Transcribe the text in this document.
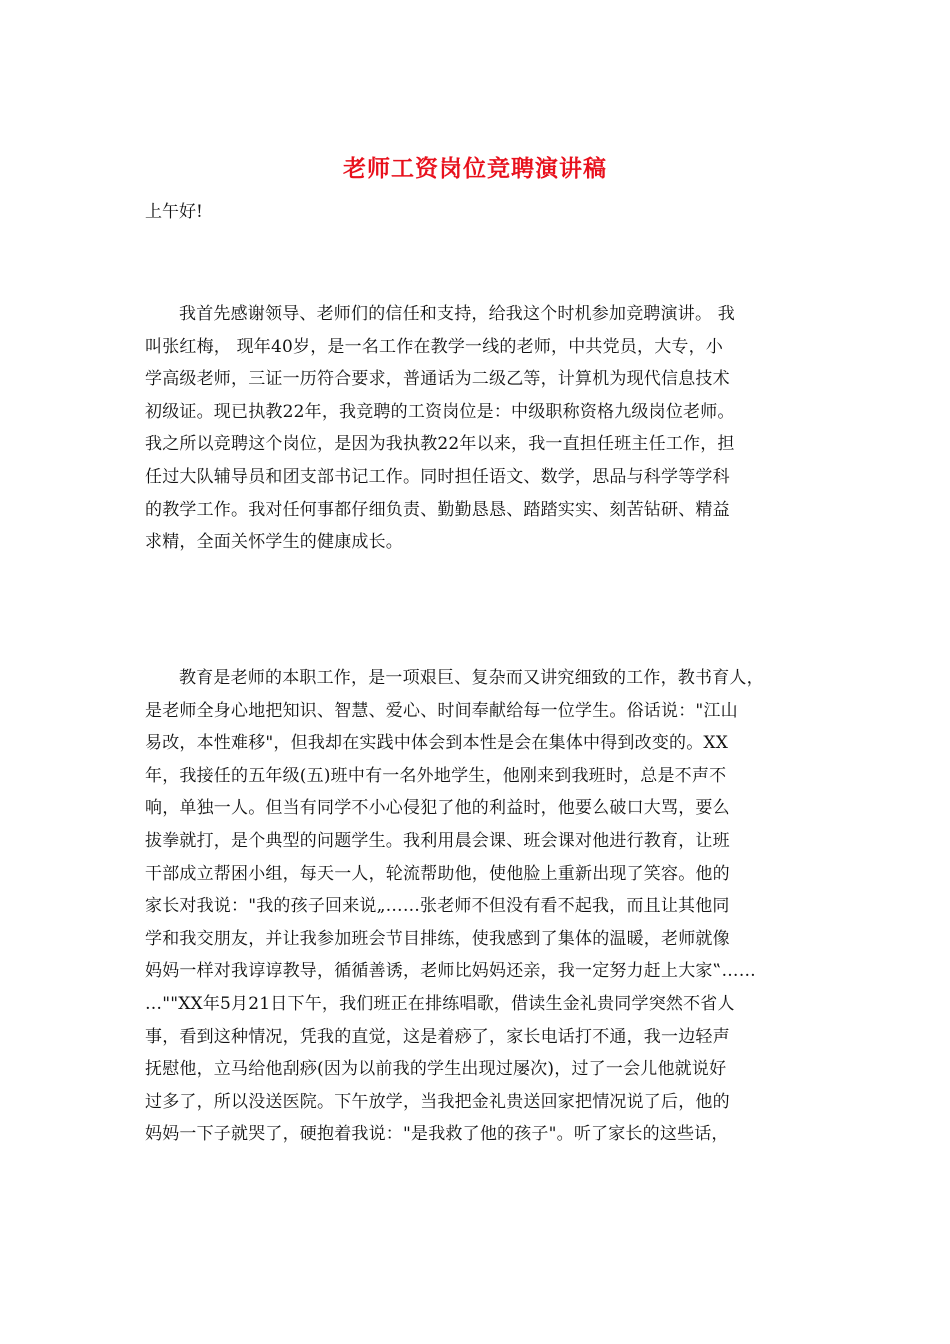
老师工资岗位竞聘演讲稿
上午好!
我首先感谢领导、老师们的信任和支持，给我这个时机参加竞聘演讲。 我
叫张红梅， 现年40岁，是一名工作在教学一线的老师，中共党员，大专，小
学高级老师，三证一历符合要求，普通话为二级乙等，计算机为现代信息技术
初级证。现已执教22年，我竞聘的工资岗位是：中级职称资格九级岗位老师。
我之所以竞聘这个岗位，是因为我执教22年以来，我一直担任班主任工作，担
任过大队辅导员和团支部书记工作。同时担任语文、数学，思品与科学等学科
的教学工作。我对任何事都仔细负责、勤勤恳恳、踏踏实实、刻苦钻研、精益
求精，全面关怀学生的健康成长。
教育是老师的本职工作，是一项艰巨、复杂而又讲究细致的工作，教书育人，
是老师全身心地把知识、智慧、爱心、时间奉献给每一位学生。俗话说："江山
易改，本性难移"，但我却在实践中体会到本性是会在集体中得到改变的。XX
年，我接任的五年级(五)班中有一名外地学生，他刚来到我班时，总是不声不
响，单独一人。但当有同学不小心侵犯了他的利益时，他要么破口大骂，要么
拔拳就打，是个典型的问题学生。我利用晨会课、班会课对他进行教育，让班
干部成立帮困小组，每天一人，轮流帮助他，使他脸上重新出现了笑容。他的
家长对我说："我的孩子回来说„……张老师不但没有看不起我，而且让其他同
学和我交朋友，并让我参加班会节目排练，使我感到了集体的温暖，老师就像
妈妈一样对我谆谆教导，循循善诱，老师比妈妈还亲，我一定努力赶上大家‟……
…""XX年5月21日下午，我们班正在排练唱歌，借读生金礼贵同学突然不省人
事，看到这种情况，凭我的直觉，这是着痧了，家长电话打不通，我一边轻声
抚慰他，立马给他刮痧(因为以前我的学生出现过屡次)，过了一会儿他就说好
过多了，所以没送医院。下午放学，当我把金礼贵送回家把情况说了后，他的
妈妈一下子就哭了，硬抱着我说："是我救了他的孩子"。听了家长的这些话，
